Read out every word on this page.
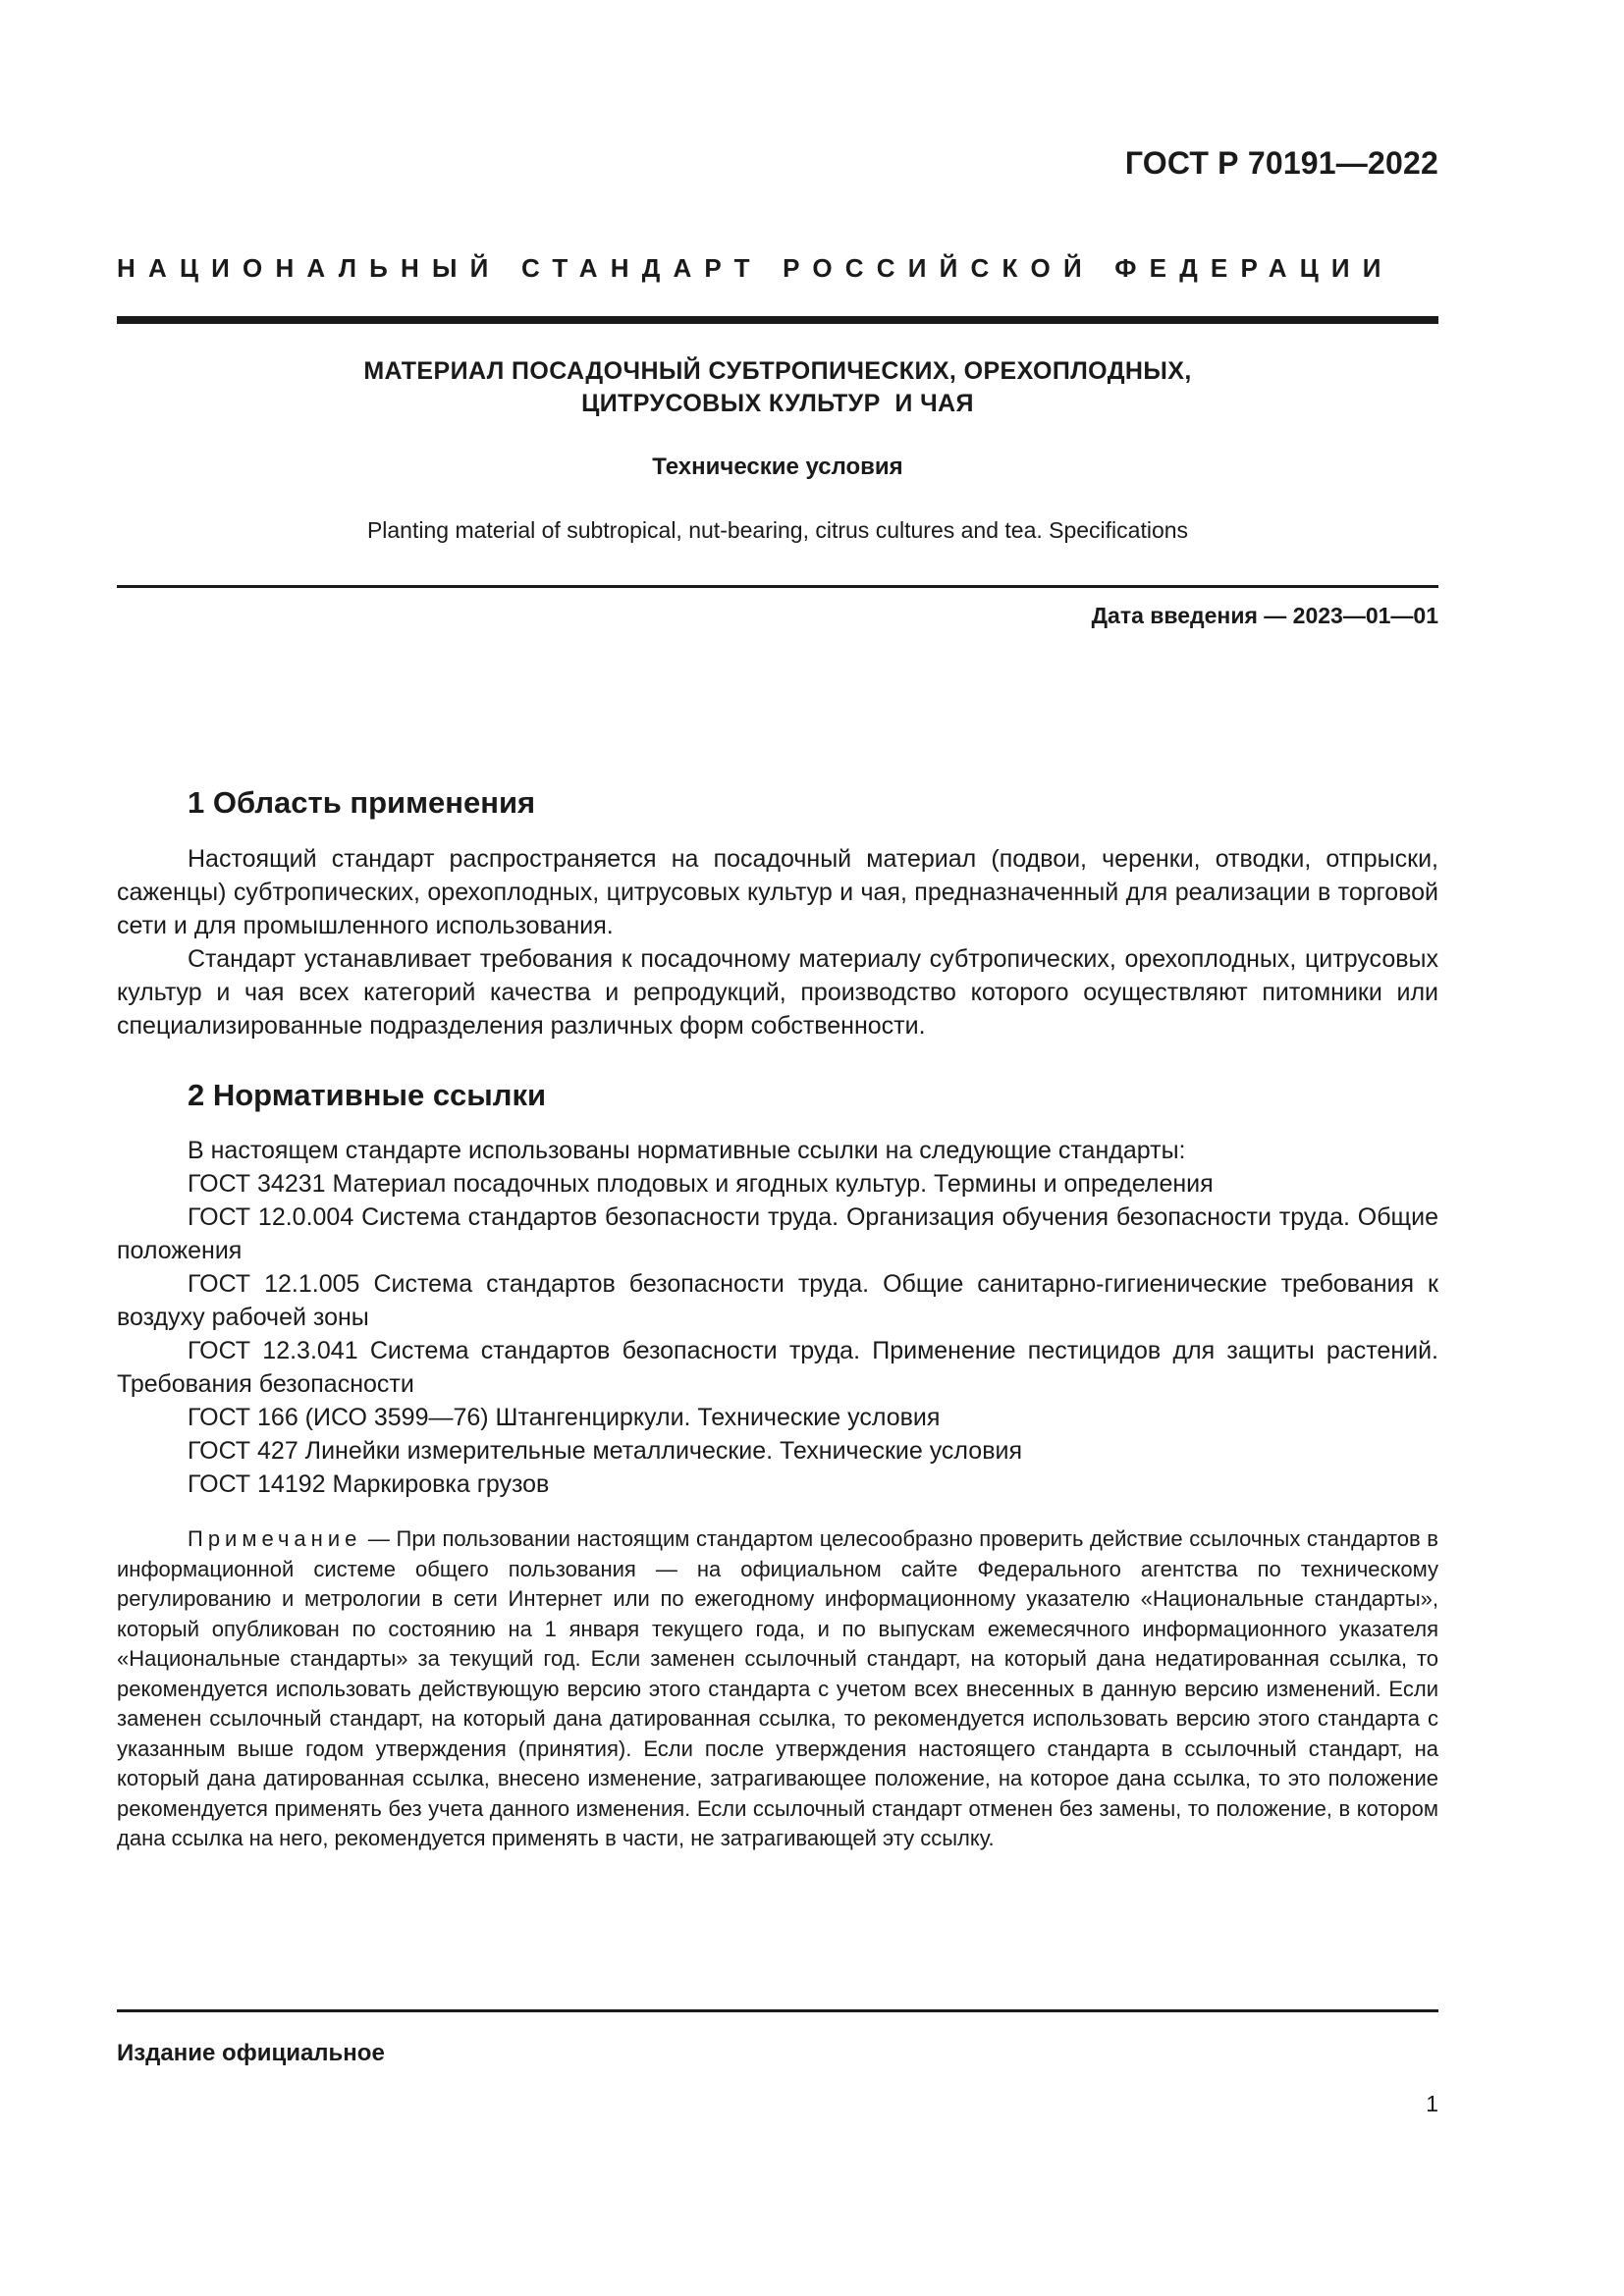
ГОСТ Р 70191—2022
НАЦИОНАЛЬНЫЙ СТАНДАРТ РОССИЙСКОЙ ФЕДЕРАЦИИ
МАТЕРИАЛ ПОСАДОЧНЫЙ СУБТРОПИЧЕСКИХ, ОРЕХОПЛОДНЫХ,
ЦИТРУСОВЫХ КУЛЬТУР  И ЧАЯ
Технические условия
Planting material of subtropical, nut-bearing, citrus cultures and tea. Specifications
Дата введения — 2023—01—01
1 Область применения

Настоящий стандарт распространяется на посадочный материал (подвои, черенки, отводки, отпрыски, саженцы) субтропических, орехоплодных, цитрусовых культур и чая, предназначенный для реализации в торговой сети и для промышленного использования.

Стандарт устанавливает требования к посадочному материалу субтропических, орехоплодных, цитрусовых культур и чая всех категорий качества и репродукций, производство которого осуществляют питомники или специализированные подразделения различных форм собственности.

2 Нормативные ссылки

В настоящем стандарте использованы нормативные ссылки на следующие стандарты:

ГОСТ 34231 Материал посадочных плодовых и ягодных культур. Термины и определения

ГОСТ 12.0.004 Система стандартов безопасности труда. Организация обучения безопасности труда. Общие положения

ГОСТ 12.1.005 Система стандартов безопасности труда. Общие санитарно-гигиенические требования к воздуху рабочей зоны

ГОСТ 12.3.041 Система стандартов безопасности труда. Применение пестицидов для защиты растений. Требования безопасности

ГОСТ 166 (ИСО 3599—76) Штангенциркули. Технические условия

ГОСТ 427 Линейки измерительные металлические. Технические условия

ГОСТ 14192 Маркировка грузов

Примечание — При пользовании настоящим стандартом целесообразно проверить действие ссылочных стандартов в информационной системе общего пользования — на официальном сайте Федерального агентства по техническому регулированию и метрологии в сети Интернет или по ежегодному информационному указателю «Национальные стандарты», который опубликован по состоянию на 1 января текущего года, и по выпускам ежемесячного информационного указателя «Национальные стандарты» за текущий год. Если заменен ссылочный стандарт, на который дана недатированная ссылка, то рекомендуется использовать действующую версию этого стандарта с учетом всех внесенных в данную версию изменений. Если заменен ссылочный стандарт, на который дана датированная ссылка, то рекомендуется использовать версию этого стандарта с указанным выше годом утверждения (принятия). Если после утверждения настоящего стандарта в ссылочный стандарт, на который дана датированная ссылка, внесено изменение, затрагивающее положение, на которое дана ссылка, то это положение рекомендуется применять без учета данного изменения. Если ссылочный стандарт отменен без замены, то положение, в котором дана ссылка на него, рекомендуется применять в части, не затрагивающей эту ссылку.
Издание официальное
1
